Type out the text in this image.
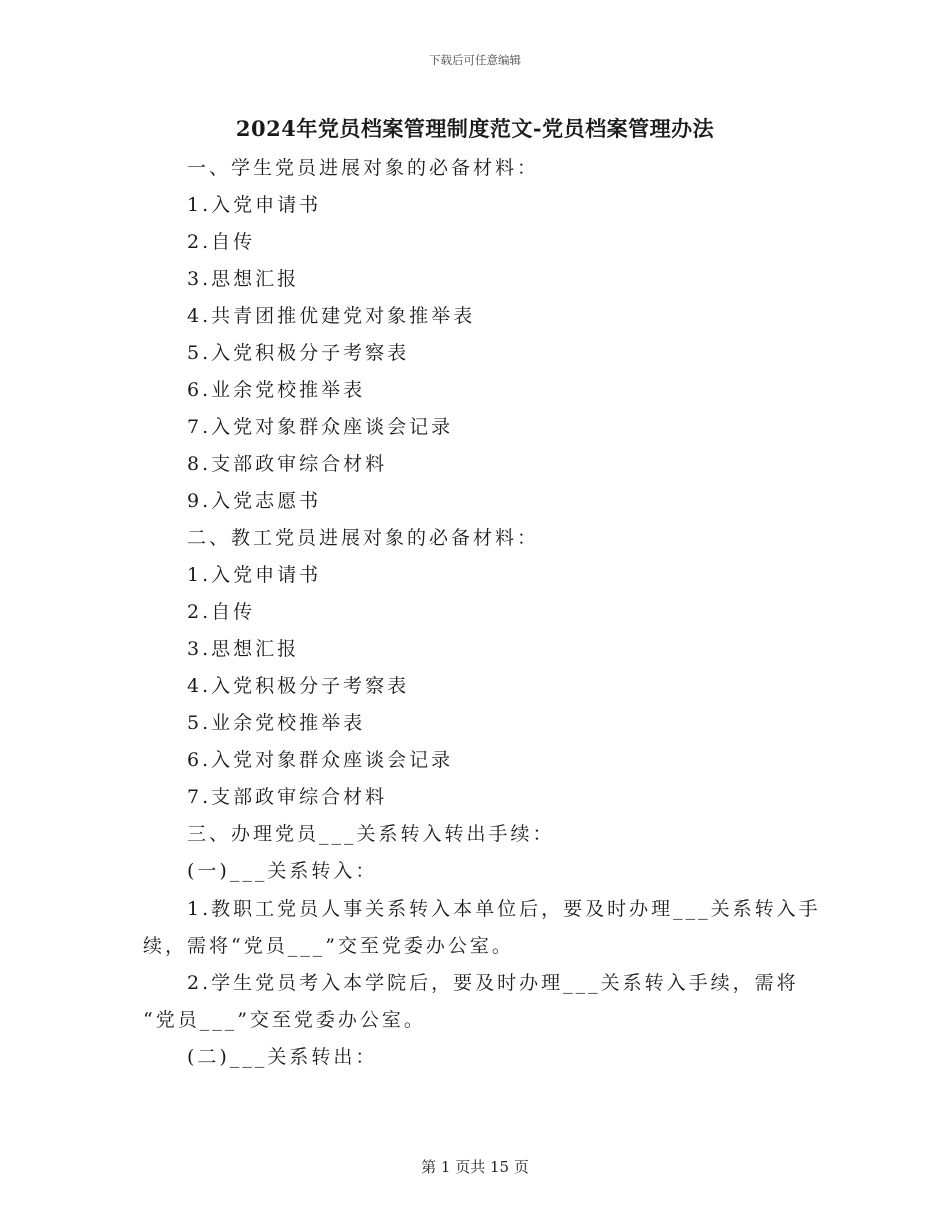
下载后可任意编辑
2024年党员档案管理制度范文-党员档案管理办法
一、学生党员进展对象的必备材料：
1.入党申请书
2.自传
3.思想汇报
4.共青团推优建党对象推举表
5.入党积极分子考察表
6.业余党校推举表
7.入党对象群众座谈会记录
8.支部政审综合材料
9.入党志愿书
二、教工党员进展对象的必备材料：
1.入党申请书
2.自传
3.思想汇报
4.入党积极分子考察表
5.业余党校推举表
6.入党对象群众座谈会记录
7.支部政审综合材料
三、办理党员___关系转入转出手续：
(一)___关系转入：
1.教职工党员人事关系转入本单位后，要及时办理___关系转入手
续，需将“党员___”交至党委办公室。
2.学生党员考入本学院后，要及时办理___关系转入手续，需将
“党员___”交至党委办公室。
(二)___关系转出：
第 1 页共 15 页
